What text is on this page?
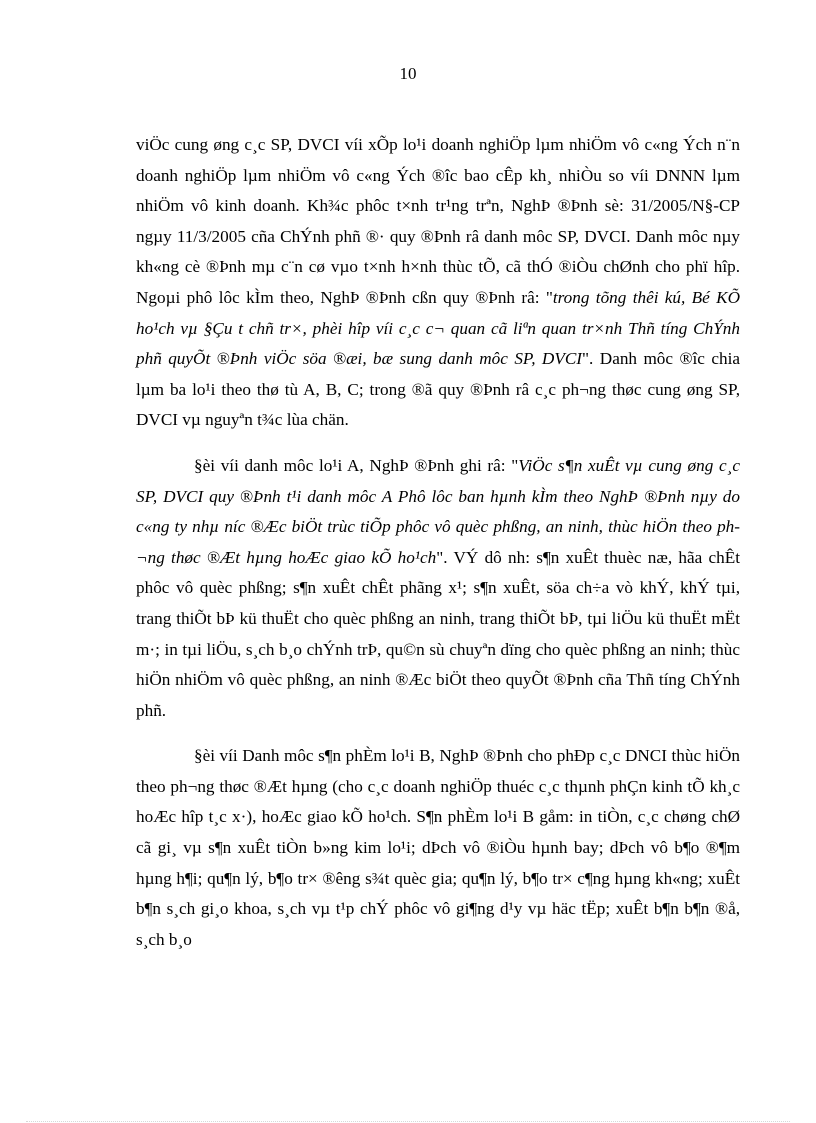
10

viÖc cung øng c¸c SP, DVCI víi xÕp lo¹i doanh nghiÖp lµm nhiÖm vô c«ng Ých n¨n doanh nghiÖp lµm nhiÖm vô c«ng Ých ®îc bao cÊp kh¸ nhiÒu so víi DNNN lµm nhiÖm vô kinh doanh. Kh¾c phôc t×nh tr¹ng trªn, NghÞ ®Þnh sè: 31/2005/N§-CP ngµy 11/3/2005 cña ChÝnh phñ ®· quy ®Þnh râ danh môc SP, DVCI. Danh môc nµy kh«ng cè ®Þnh mµ c¨n cø vµo t×nh h×nh thùc tÕ, cã thÓ ®iÒu chØnh cho phï hîp. Ngoµi phô lôc kÌm theo, NghÞ ®Þnh cßn quy ®Þnh râ: "trong tõng thêi kú, Bé KÕ ho¹ch vµ §Çu t chñ tr×, phèi hîp víi c¸c c¬ quan cã liªn quan tr×nh Thñ tíng ChÝnh phñ quyÕt ®Þnh viÖc söa ®æi, bæ sung danh môc SP, DVCI". Danh môc ®îc chia lµm ba lo¹i theo thø tù A, B, C; trong ®ã quy ®Þnh râ c¸c ph¬ng thøc cung øng SP, DVCI vµ nguyªn t¾c lùa chän.

§èi víi danh môc lo¹i A, NghÞ ®Þnh ghi râ: "ViÖc s¶n xuÊt vµ cung øng c¸c SP, DVCI quy ®Þnh t¹i danh môc A Phô lôc ban hµnh kÌm theo NghÞ ®Þnh nµy do c«ng ty nhµ níc ®Æc biÖt trùc tiÕp phôc vô quèc phßng, an ninh, thùc hiÖn theo ph¬ng thøc ®Æt hµng hoÆc giao kÕ ho¹ch". VÝ dô nh: s¶n xuÊt thuèc næ, hãa chÊt phôc vô quèc phßng; s¶n xuÊt chÊt phãng x¹; s¶n xuÊt, söa ch÷a vò khÝ, khÝ tµi, trang thiÕt bÞ kü thuËt cho quèc phßng an ninh, trang thiÕt bÞ, tµi liÖu kü thuËt mËt m·; in tµi liÖu, s¸ch b¸o chÝnh trÞ, qu©n sù chuyªn dïng cho quèc phßng an ninh; thùc hiÖn nhiÖm vô quèc phßng, an ninh ®Æc biÖt theo quyÕt ®Þnh cña Thñ tíng ChÝnh phñ.

§èi víi Danh môc s¶n phÈm lo¹i B, NghÞ ®Þnh cho phÐp c¸c DNCI thùc hiÖn theo ph¬ng thøc ®Æt hµng (cho c¸c doanh nghiÖp thuéc c¸c thµnh phÇn kinh tÕ kh¸c hoÆc hîp t¸c x·), hoÆc giao kÕ ho¹ch. S¶n phÈm lo¹i B gåm: in tiÒn, c¸c chøng chØ cã gi¸ vµ s¶n xuÊt tiÒn b»ng kim lo¹i; dÞch vô ®iÒu hµnh bay; dÞch vô b¶o ®¶m hµng h¶i; qu¶n lý, b¶o tr× ®êng s¾t quèc gia; qu¶n lý, b¶o tr× c¶ng hµng kh«ng; xuÊt b¶n s¸ch gi¸o khoa, s¸ch vµ t¹p chÝ phôc vô gi¶ng d¹y vµ häc tËp; xuÊt b¶n b¶n ®å, s¸ch b¸o
